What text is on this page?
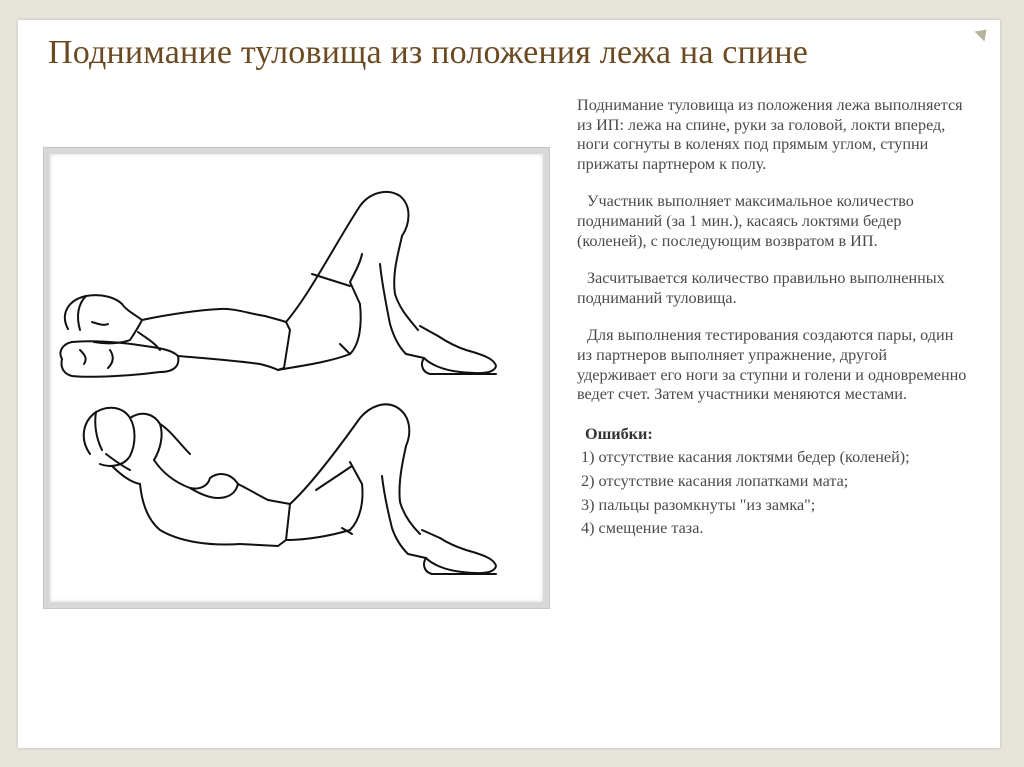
Поднимание туловища из положения лежа на спине

Поднимание туловища из положения лежа выполняется из ИП: лежа на спине, руки за головой, локти вперед, ноги согнуты в коленях под прямым углом, ступни прижаты партнером к полу.

Участник выполняет максимальное количество подниманий (за 1 мин.), касаясь локтями бедер (коленей), с последующим возвратом в ИП.

Засчитывается количество правильно выполненных подниманий туловища.

Для выполнения тестирования создаются пары, один из партнеров выполняет упражнение, другой удерживает его ноги за ступни и голени и одновременно ведет счет. Затем участники меняются местами.

Ошибки:
1) отсутствие касания локтями бедер (коленей);
2) отсутствие касания лопатками мата;
3) пальцы разомкнуты "из замка";
4) смещение таза.
